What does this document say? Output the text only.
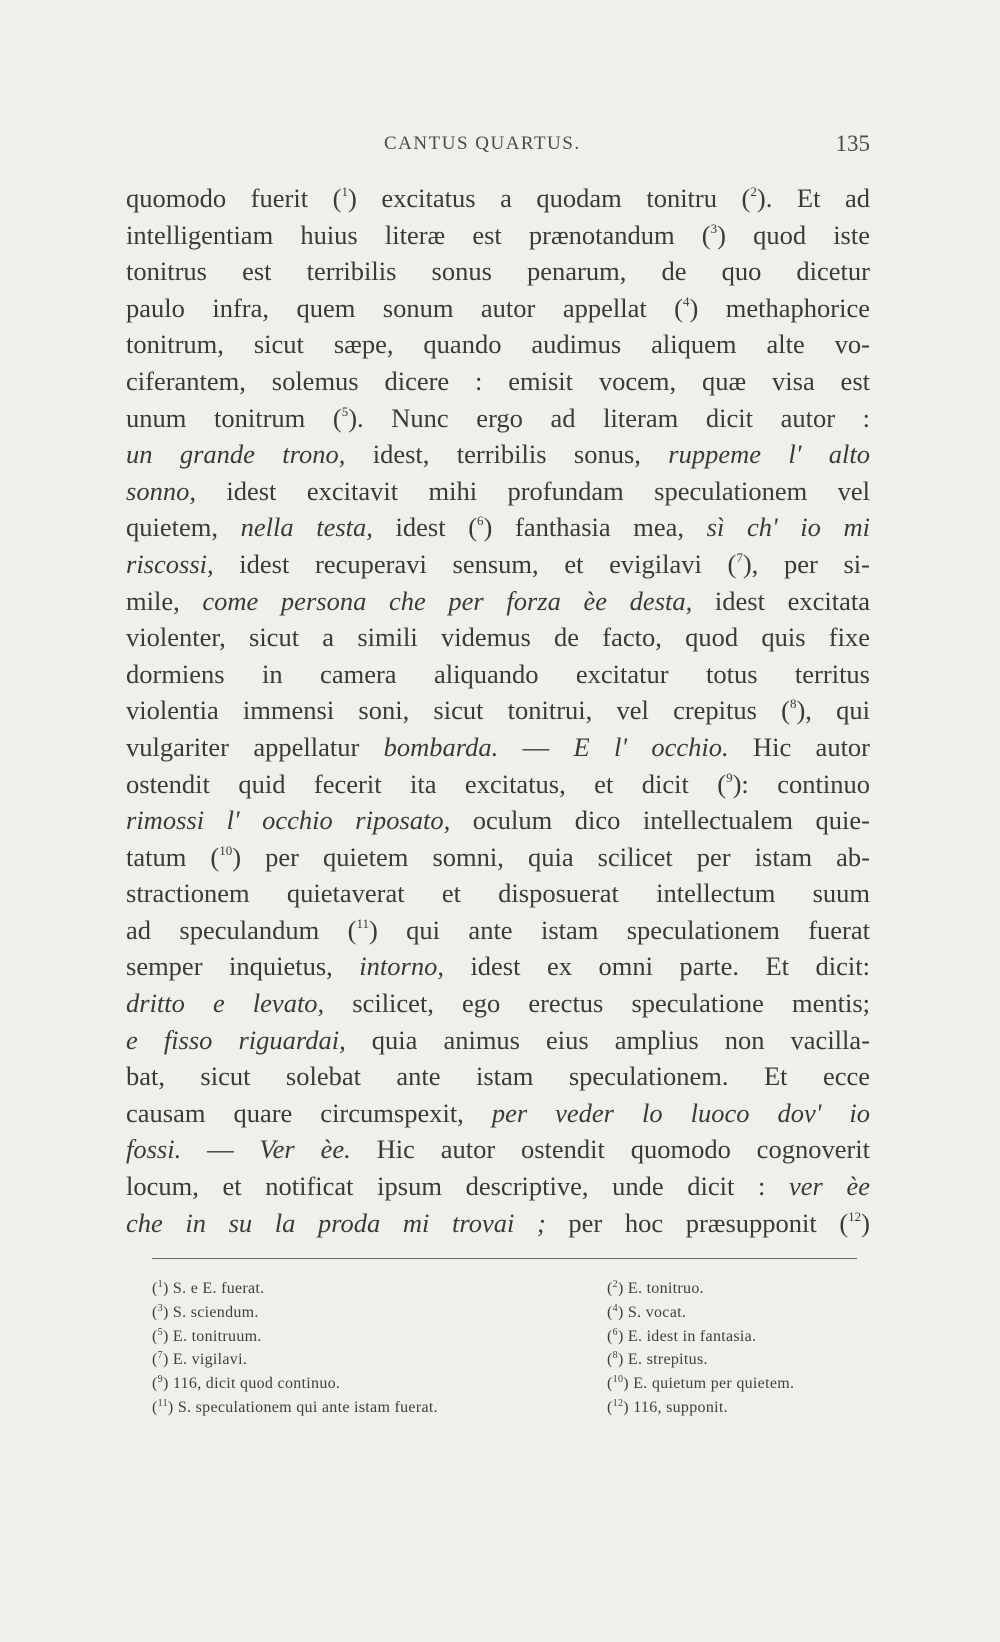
CANTUS QUARTUS.	135
quomodo fuerit ($^1$) excitatus a quodam tonitru ($^2$). Et ad
intelligentiam huius literæ est prænotandum ($^3$) quod iste
tonitrus est terribilis sonus penarum, de quo dicetur
paulo infra, quem sonum autor appellat ($^4$) methaphorice
tonitrum, sicut sæpe, quando audimus aliquem alte vo-
ciferantem, solemus dicere : emisit vocem, quæ visa est
unum tonitrum ($^5$). Nunc ergo ad literam dicit autor :
un grande trono, idest, terribilis sonus, ruppeme l' alto
sonno, idest excitavit mihi profundam speculationem vel
quietem, nella testa, idest ($^6$) fanthasia mea, sì ch' io mi
riscossi, idest recuperavi sensum, et evigilavi ($^7$), per si-
mile, come persona che per forza èe desta, idest excitata
violenter, sicut a simili videmus de facto, quod quis fixe
dormiens in camera aliquando excitatur totus territus
violentia immensi soni, sicut tonitrui, vel crepitus ($^8$), qui
vulgariter appellatur bombarda. — E l' occhio. Hic autor
ostendit quid fecerit ita excitatus, et dicit ($^9$): continuo
rimossi l' occhio riposato, oculum dico intellectualem quie-
tatum ($^{10}$) per quietem somni, quia scilicet per istam ab-
stractionem quietaverat et disposuerat intellectum suum
ad speculandum ($^{11}$) qui ante istam speculationem fuerat
semper inquietus, intorno, idest ex omni parte. Et dicit:
dritto e levato, scilicet, ego erectus speculatione mentis;
e fisso riguardai, quia animus eius amplius non vacilla-
bat, sicut solebat ante istam speculationem. Et ecce
causam quare circumspexit, per veder lo luoco dov' io
fossi. — Ver èe. Hic autor ostendit quomodo cognoverit
locum, et notificat ipsum descriptive, unde dicit : ver èe
che in su la proda mi trovai ; per hoc præsupponit ($^{12}$)
($^1$) S. e E. fuerat.	($^2$) E. tonitruo.
($^3$) S. sciendum.	($^4$) S. vocat.
($^5$) E. tonitruum.	($^6$) E. idest in fantasia.
($^7$) E. vigilavi.	($^8$) E. strepitus.
($^9$) 116, dicit quod continuo.	($^{10}$) E. quietum per quietem.
($^{11}$) S. speculationem qui ante istam fuerat.	($^{12}$) 116, supponit.
